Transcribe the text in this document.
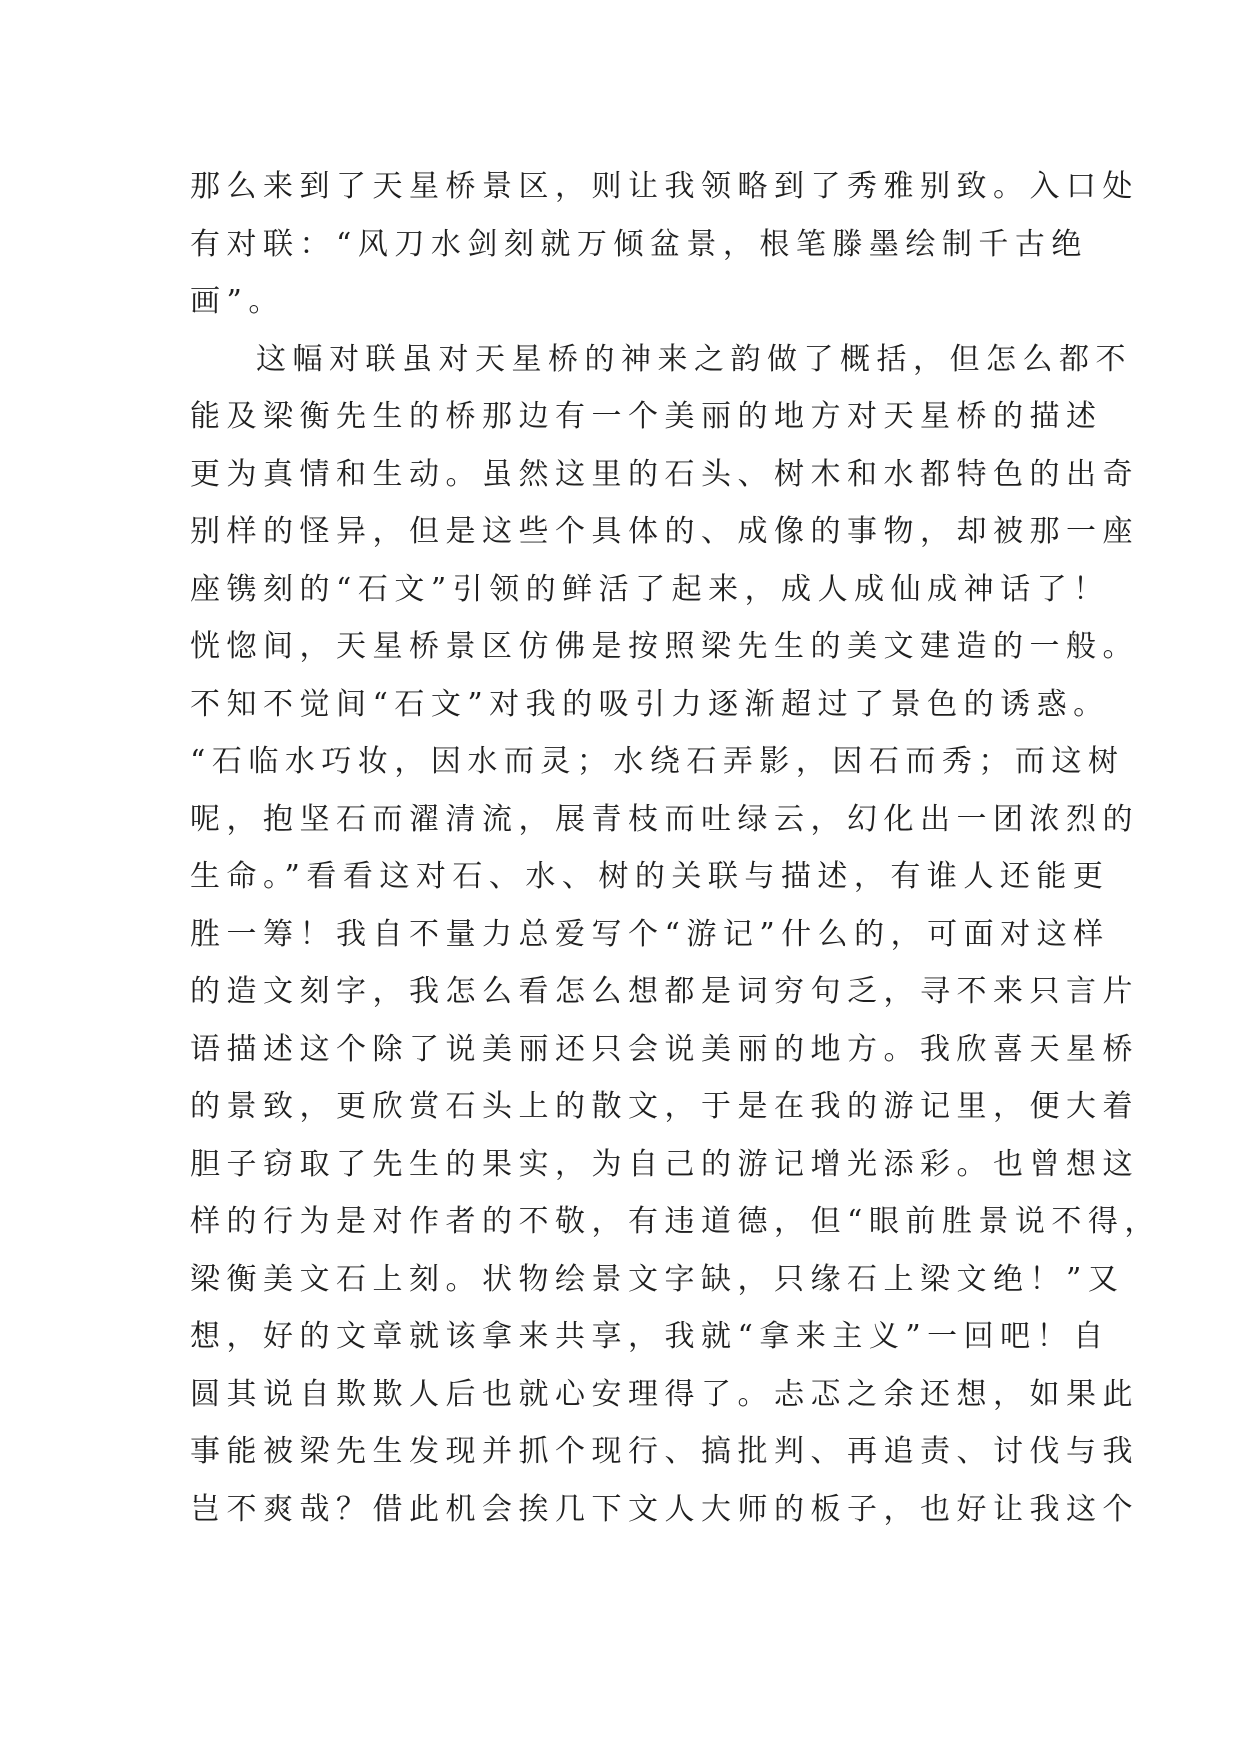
那么来到了天星桥景区，则让我领略到了秀雅别致。入口处
有对联：“风刀水剑刻就万倾盆景，根笔滕墨绘制千古绝
画”。
这幅对联虽对天星桥的神来之韵做了概括，但怎么都不
能及梁衡先生的桥那边有一个美丽的地方对天星桥的描述
更为真情和生动。虽然这里的石头、树木和水都特色的出奇
别样的怪异，但是这些个具体的、成像的事物，却被那一座
座镌刻的“石文”引领的鲜活了起来，成人成仙成神话了！
恍惚间，天星桥景区仿佛是按照梁先生的美文建造的一般。
不知不觉间“石文”对我的吸引力逐渐超过了景色的诱惑。
“石临水巧妆，因水而灵；水绕石弄影，因石而秀；而这树
呢，抱坚石而濯清流，展青枝而吐绿云，幻化出一团浓烈的
生命。”看看这对石、水、树的关联与描述，有谁人还能更
胜一筹！我自不量力总爱写个“游记”什么的，可面对这样
的造文刻字，我怎么看怎么想都是词穷句乏，寻不来只言片
语描述这个除了说美丽还只会说美丽的地方。我欣喜天星桥
的景致，更欣赏石头上的散文，于是在我的游记里，便大着
胆子窃取了先生的果实，为自己的游记增光添彩。也曾想这
样的行为是对作者的不敬，有违道德，但“眼前胜景说不得，
梁衡美文石上刻。状物绘景文字缺，只缘石上梁文绝！”又
想，好的文章就该拿来共享，我就“拿来主义”一回吧！自
圆其说自欺欺人后也就心安理得了。忐忑之余还想，如果此
事能被梁先生发现并抓个现行、搞批判、再追责、讨伐与我
岂不爽哉？借此机会挨几下文人大师的板子，也好让我这个
